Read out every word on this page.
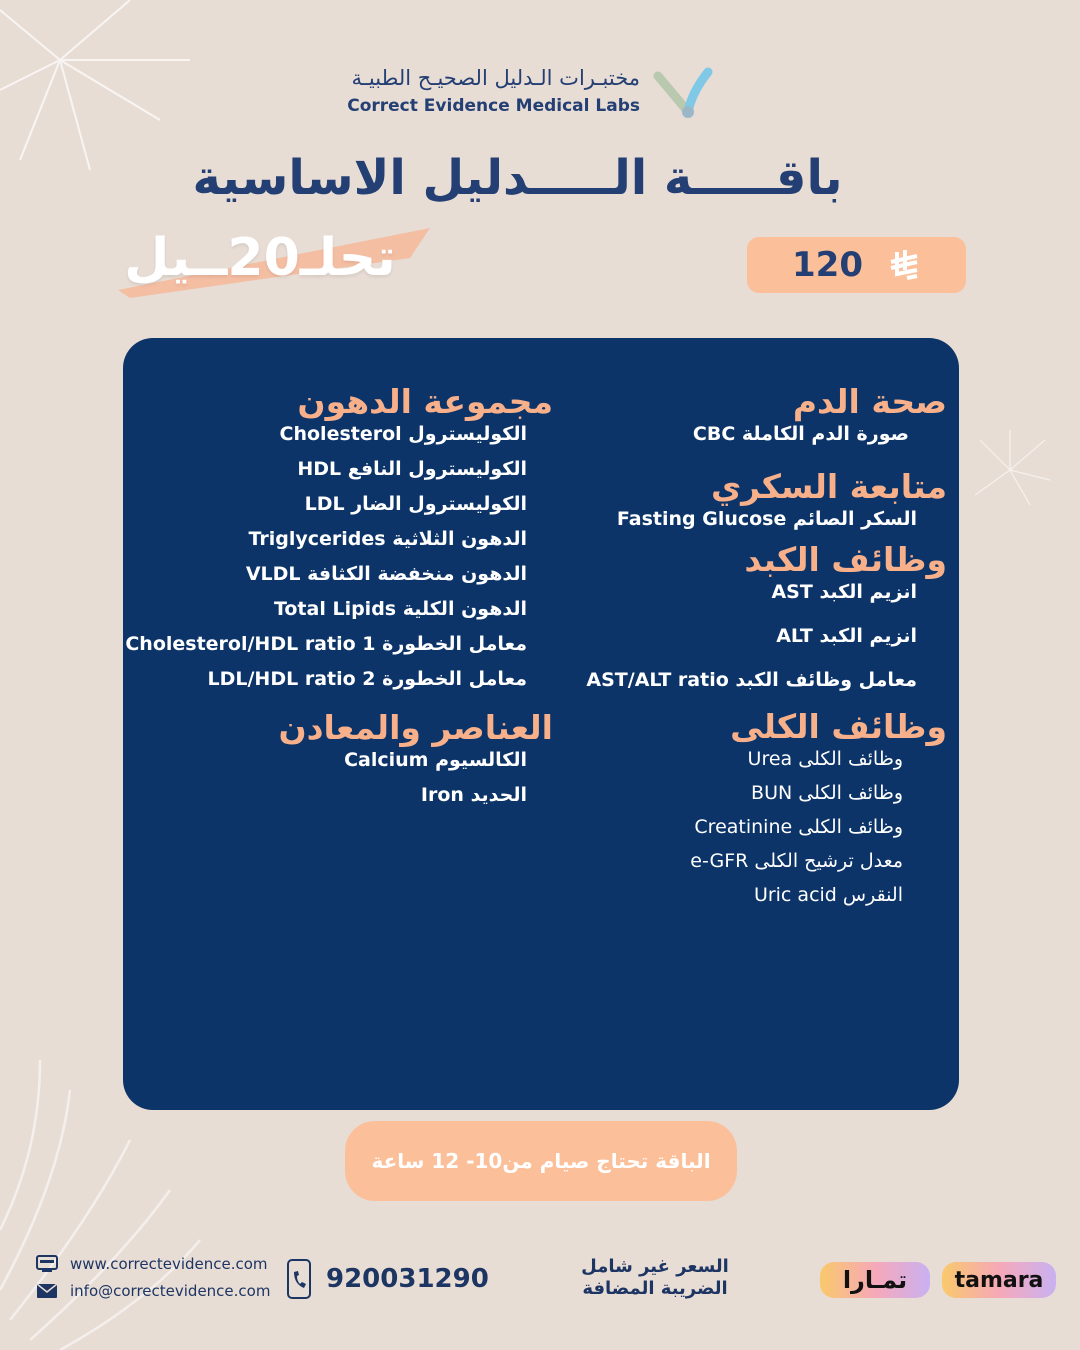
مختبـرات الـدليل الصحيـح الطبيـة
Correct Evidence Medical Labs
باقـــــة الـــــدليل الاساسية
تحلـ20ــيل	120
صحة الدم
صورة الدم الكاملة CBC
متابعة السكري
السكر الصائم Fasting Glucose
وظائف الكبد
انزيم الكبد AST
انزيم الكبد ALT
معامل وظائف الكبد AST/ALT ratio
وظائف الكلى
وظائف الكلى Urea
وظائف الكلى BUN
وظائف الكلى Creatinine
معدل ترشيح الكلى e-GFR
النقرس Uric acid
مجموعة الدهون
الكوليسترول Cholesterol
الكوليسترول النافع HDL
الكوليسترول الضار LDL
الدهون الثلاثية Triglycerides
الدهون منخفضة الكثافة VLDL
الدهون الكلية Total Lipids
معامل الخطورة Cholesterol/HDL ratio 1
معامل الخطورة LDL/HDL ratio 2
العناصر والمعادن
الكالسيوم Calcium
الحديد Iron
الباقة تحتاج صيام من10- 12 ساعة
www.correctevidence.com
info@correctevidence.com 920031290	السعر غير شامل
الضريبة المضافة	تمـارا	tamara
